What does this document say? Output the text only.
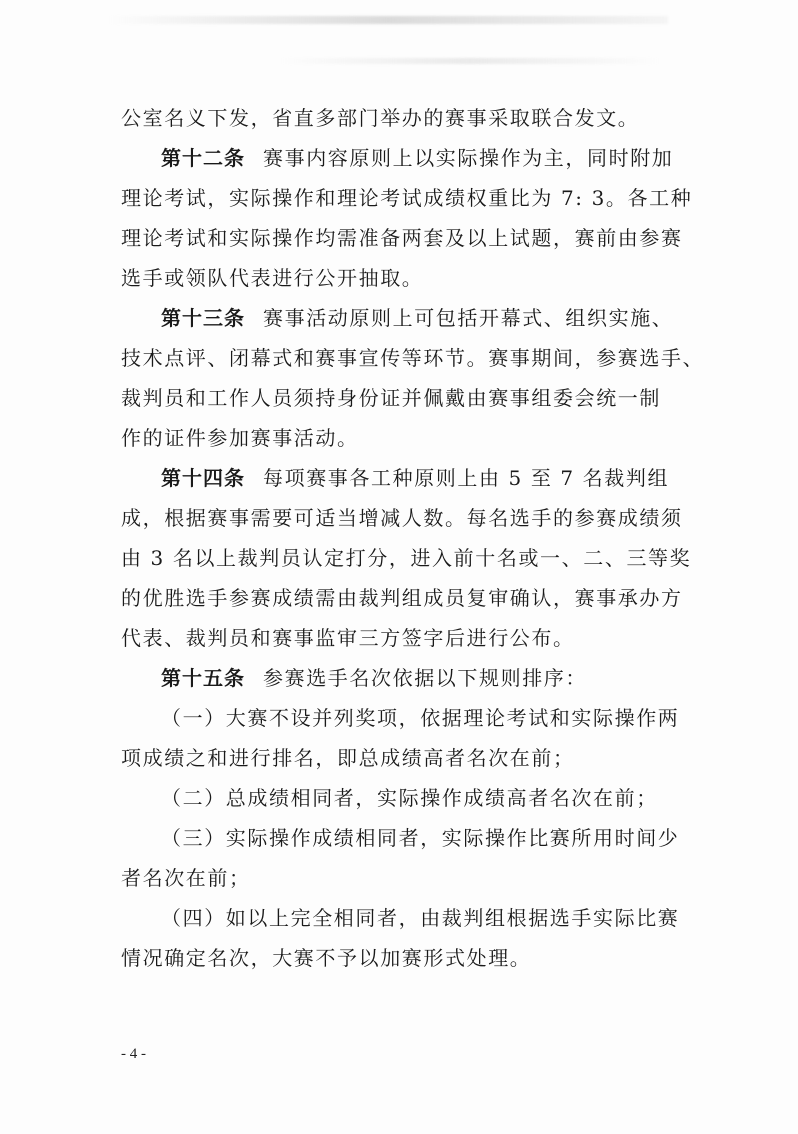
公室名义下发，省直多部门举办的赛事采取联合发文。
第十二条 赛事内容原则上以实际操作为主，同时附加
理论考试，实际操作和理论考试成绩权重比为 7: 3。各工种
理论考试和实际操作均需准备两套及以上试题，赛前由参赛
选手或领队代表进行公开抽取。
第十三条 赛事活动原则上可包括开幕式、组织实施、
技术点评、闭幕式和赛事宣传等环节。赛事期间，参赛选手、
裁判员和工作人员须持身份证并佩戴由赛事组委会统一制
作的证件参加赛事活动。
第十四条 每项赛事各工种原则上由 5 至 7 名裁判组
成，根据赛事需要可适当增减人数。每名选手的参赛成绩须
由 3 名以上裁判员认定打分，进入前十名或一、二、三等奖
的优胜选手参赛成绩需由裁判组成员复审确认，赛事承办方
代表、裁判员和赛事监审三方签字后进行公布。
第十五条 参赛选手名次依据以下规则排序：
（一）大赛不设并列奖项，依据理论考试和实际操作两
项成绩之和进行排名，即总成绩高者名次在前；
（二）总成绩相同者，实际操作成绩高者名次在前；
（三）实际操作成绩相同者，实际操作比赛所用时间少
者名次在前；
（四）如以上完全相同者，由裁判组根据选手实际比赛
情况确定名次，大赛不予以加赛形式处理。
- 4 -
